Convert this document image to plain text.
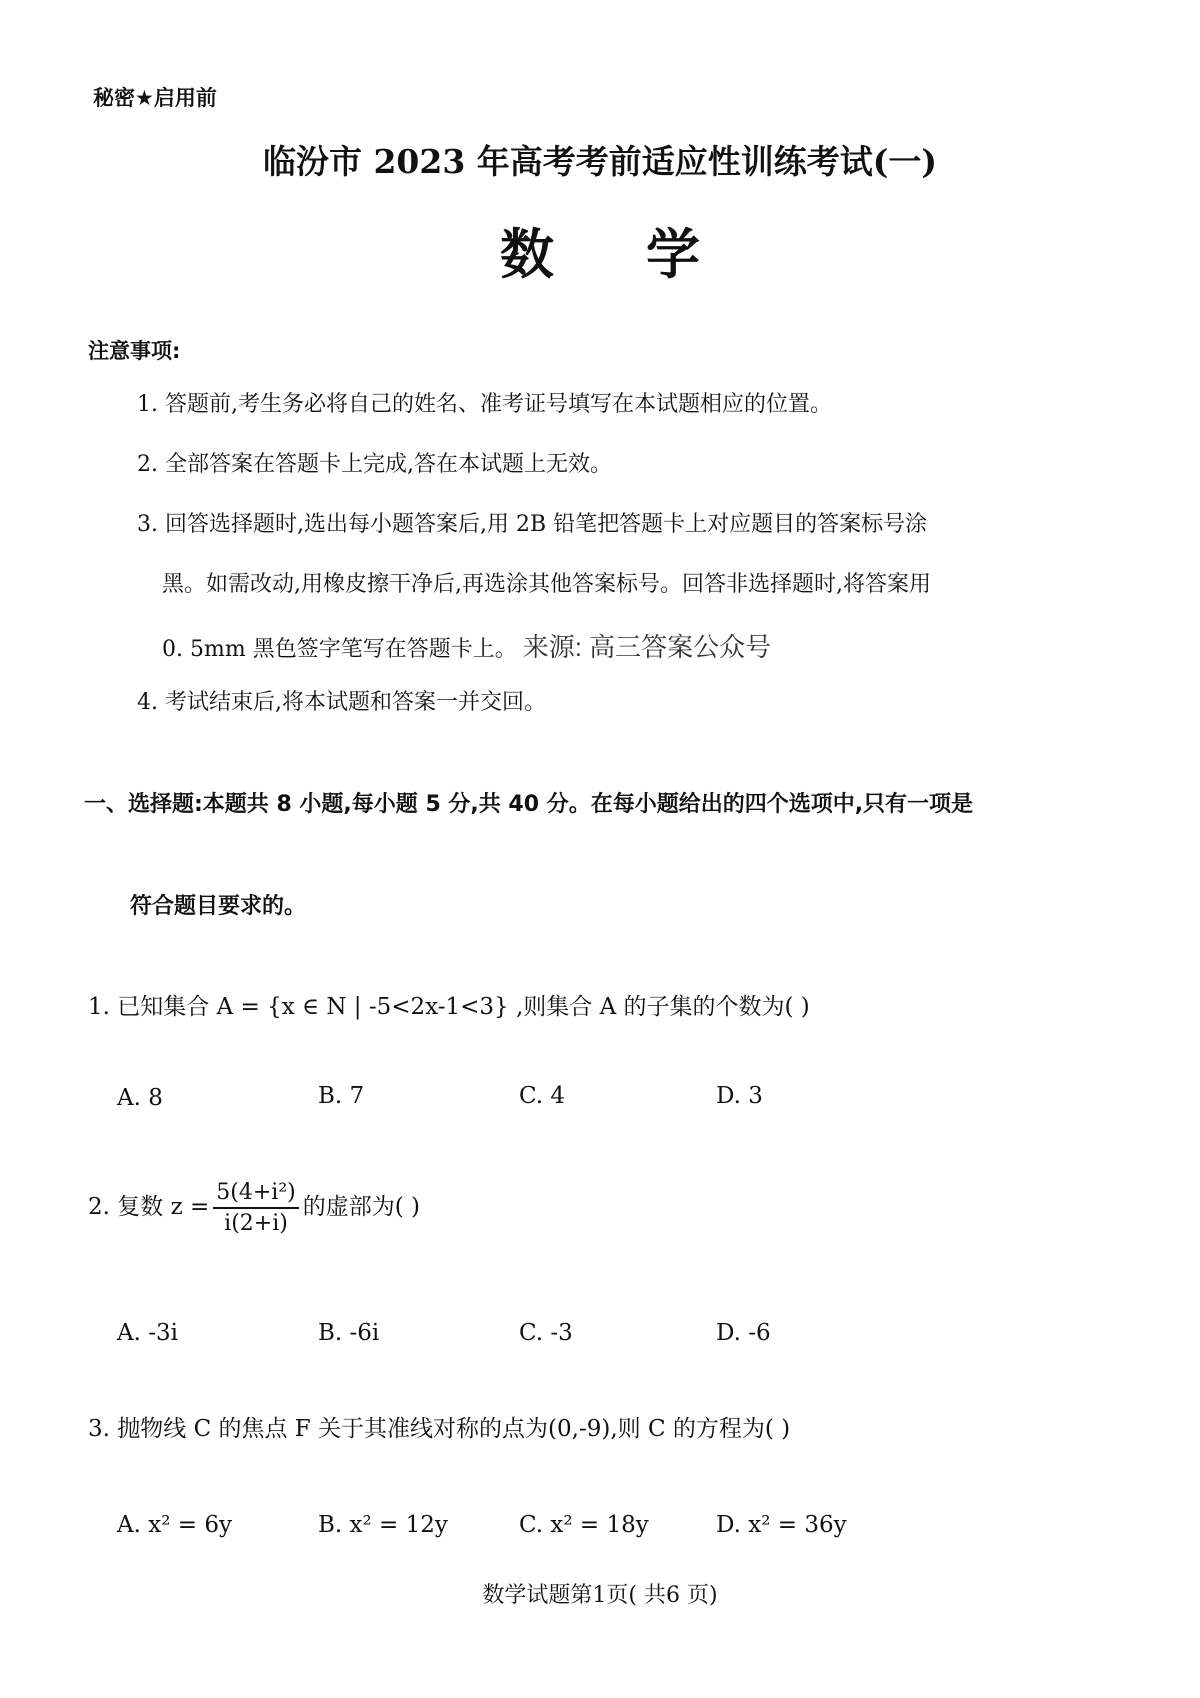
秘密★启用前
临汾市 2023 年高考考前适应性训练考试(一)
数学
注意事项:
1. 答题前,考生务必将自己的姓名、准考证号填写在本试题相应的位置。
2. 全部答案在答题卡上完成,答在本试题上无效。
3. 回答选择题时,选出每小题答案后,用 2B 铅笔把答题卡上对应题目的答案标号涂
黑。如需改动,用橡皮擦干净后,再选涂其他答案标号。回答非选择题时,将答案用
0. 5mm 黑色签字笔写在答题卡上。 来源: 高三答案公众号
4. 考试结束后,将本试题和答案一并交回。
一、选择题:本题共 8 小题,每小题 5 分,共 40 分。在每小题给出的四个选项中,只有一项是
符合题目要求的。
1. 已知集合 A = {x ∈ N | -5<2x-1<3} ,则集合 A 的子集的个数为( )
A. 8	B. 7	C. 4	D. 3
2. 复数 $z = \frac{\text{5(4+i²)}}{i(2+i)}$ 的虚部为( )
A. -3i	B. -6i	C. -3	D. -6
3. 抛物线 C 的焦点 F 关于其准线对称的点为(0,-9),则 C 的方程为( )
A. x² = 6y	B. x² = 12y	C. x² = 18y	D. x² = 36y
数学试题第1页( 共6 页)
